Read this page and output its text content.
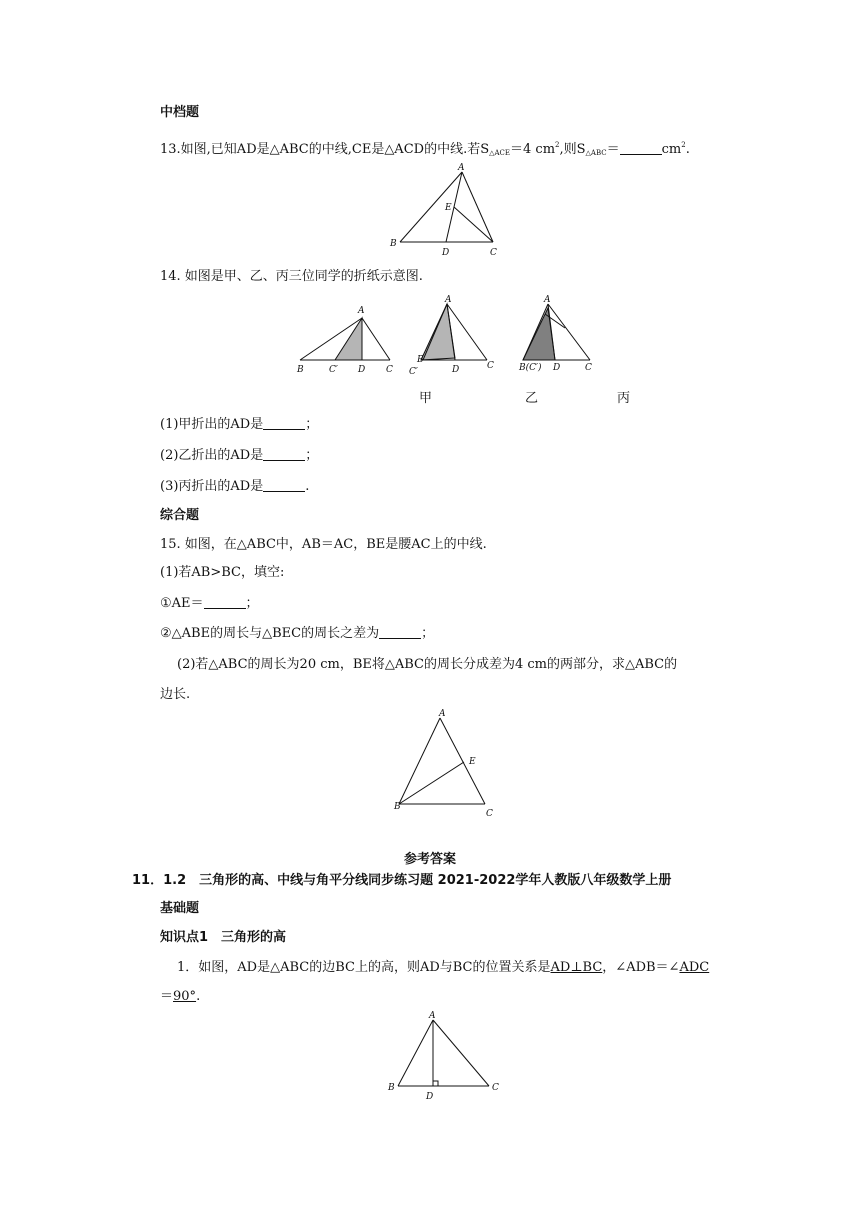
中档题
13.如图,已知AD是△ABC的中线,CE是△ACD的中线.若$S_{\triangle ACE}=4$ $cm^2$,则$S_{\triangle ABC}=$	$cm^2$.
A
B
C
D
E
14. 如图是甲、乙、丙三位同学的折纸示意图.
A
B	C′ D C
A
B
C′	D	C
A
B(C′) D	C
甲	乙	丙
(1)甲折出的AD是	；
(2)乙折出的AD是	；
(3)丙折出的AD是	.
综合题
15. 如图，在△ABC中，AB＝AC，BE是腰AC上的中线.
(1)若AB>BC，填空:
①AE＝	；
②△ABE的周长与△BEC的周长之差为	；
(2)若△ABC的周长为20 cm，BE将△ABC的周长分成差为4 cm的两部分，求△ABC的
边长.
A
B
C
E
参考答案
11．1.2　三角形的高、中线与角平分线同步练习题 2021-2022学年人教版八年级数学上册
基础题
知识点1　三角形的高
1．如图，AD是△ABC的边BC上的高，则AD与BC的位置关系是AD⊥BC，∠ADB＝∠ADC
＝90°.
A
B	C
D
